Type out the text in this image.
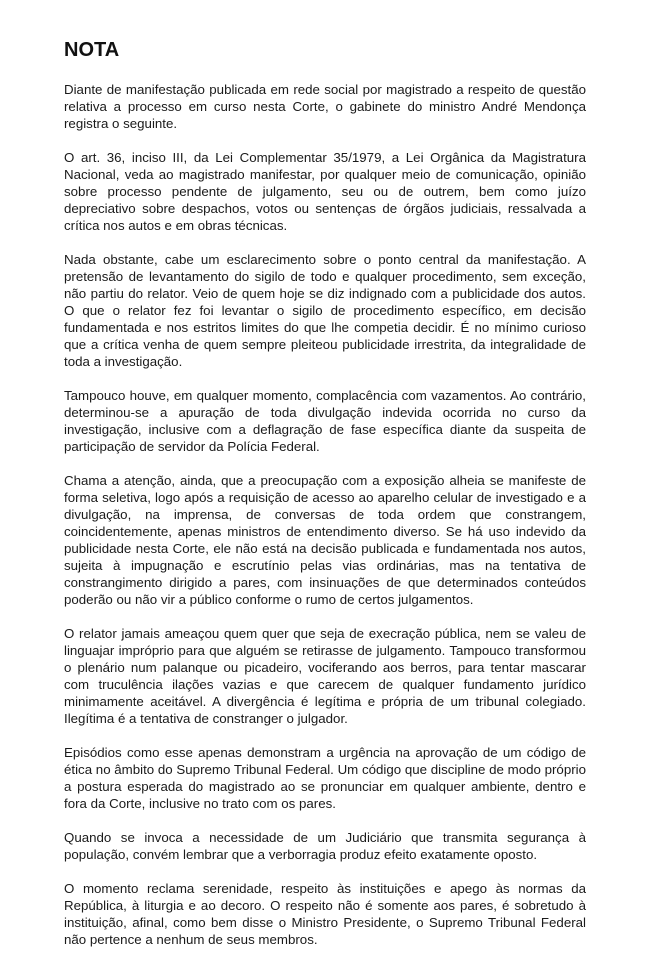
NOTA

Diante de manifestação publicada em rede social por magistrado a respeito de questão relativa a processo em curso nesta Corte, o gabinete do ministro André Mendonça registra o seguinte.

O art. 36, inciso III, da Lei Complementar 35/1979, a Lei Orgânica da Magistratura Nacional, veda ao magistrado manifestar, por qualquer meio de comunicação, opinião sobre processo pendente de julgamento, seu ou de outrem, bem como juízo depreciativo sobre despachos, votos ou sentenças de órgãos judiciais, ressalvada a crítica nos autos e em obras técnicas.

Nada obstante, cabe um esclarecimento sobre o ponto central da manifestação. A pretensão de levantamento do sigilo de todo e qualquer procedimento, sem exceção, não partiu do relator. Veio de quem hoje se diz indignado com a publicidade dos autos. O que o relator fez foi levantar o sigilo de procedimento específico, em decisão fundamentada e nos estritos limites do que lhe competia decidir. É no mínimo curioso que a crítica venha de quem sempre pleiteou publicidade irrestrita, da integralidade de toda a investigação.

Tampouco houve, em qualquer momento, complacência com vazamentos. Ao contrário, determinou-se a apuração de toda divulgação indevida ocorrida no curso da investigação, inclusive com a deflagração de fase específica diante da suspeita de participação de servidor da Polícia Federal.

Chama a atenção, ainda, que a preocupação com a exposição alheia se manifeste de forma seletiva, logo após a requisição de acesso ao aparelho celular de investigado e a divulgação, na imprensa, de conversas de toda ordem que constrangem, coincidentemente, apenas ministros de entendimento diverso. Se há uso indevido da publicidade nesta Corte, ele não está na decisão publicada e fundamentada nos autos, sujeita à impugnação e escrutínio pelas vias ordinárias, mas na tentativa de constrangimento dirigido a pares, com insinuações de que determinados conteúdos poderão ou não vir a público conforme o rumo de certos julgamentos.

O relator jamais ameaçou quem quer que seja de execração pública, nem se valeu de linguajar impróprio para que alguém se retirasse de julgamento. Tampouco transformou o plenário num palanque ou picadeiro, vociferando aos berros, para tentar mascarar com truculência ilações vazias e que carecem de qualquer fundamento jurídico minimamente aceitável. A divergência é legítima e própria de um tribunal colegiado. Ilegítima é a tentativa de constranger o julgador.

Episódios como esse apenas demonstram a urgência na aprovação de um código de ética no âmbito do Supremo Tribunal Federal. Um código que discipline de modo próprio a postura esperada do magistrado ao se pronunciar em qualquer ambiente, dentro e fora da Corte, inclusive no trato com os pares.

Quando se invoca a necessidade de um Judiciário que transmita segurança à população, convém lembrar que a verborragia produz efeito exatamente oposto.

O momento reclama serenidade, respeito às instituições e apego às normas da República, à liturgia e ao decoro. O respeito não é somente aos pares, é sobretudo à instituição, afinal, como bem disse o Ministro Presidente, o Supremo Tribunal Federal não pertence a nenhum de seus membros.
